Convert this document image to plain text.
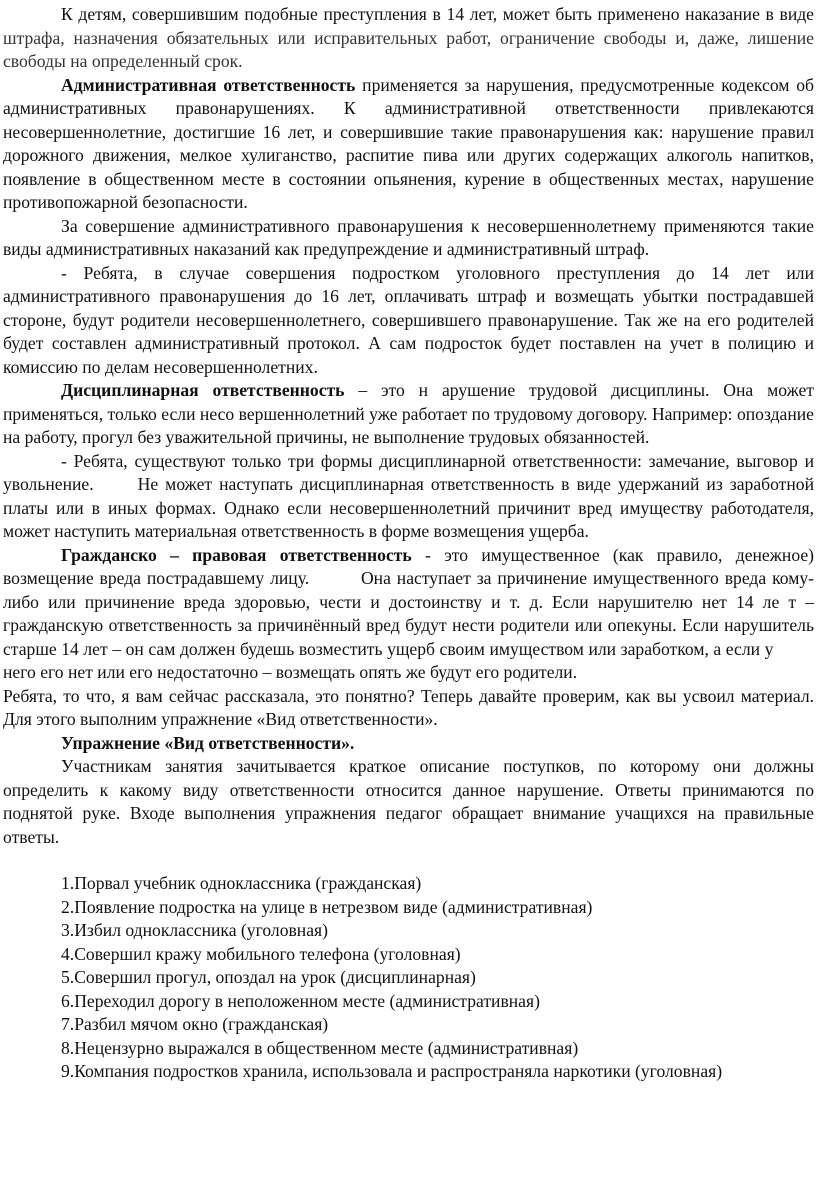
К детям, совершившим подобные преступления в 14 лет, может быть применено наказание в виде штрафа, назначения обязательных или исправительных работ, ограничение свободы и, даже, лишение свободы на определенный срок.

Административная ответственность применяется за нарушения, предусмотренные кодексом об административных правонарушениях. К административной ответственности привлекаются несовершеннолетние, достигшие 16 лет, и совершившие такие правонарушения как: нарушение правил дорожного движения, мелкое хулиганство, распитие пива или других содержащих алкоголь напитков, появление в общественном месте в состоянии опьянения, курение в общественных местах, нарушение противопожарной безопасности.

За совершение административного правонарушения к несовершеннолетнему применяются такие виды административных наказаний как предупреждение и административный штраф.

- Ребята, в случае совершения подростком уголовного преступления до 14 лет или административного правонарушения до 16 лет, оплачивать штраф и возмещать убытки пострадавшей стороне, будут родители несовершеннолетнего, совершившего правонарушение. Так же на его родителей будет составлен административный протокол. А сам подросток будет поставлен на учет в полицию и комиссию по делам несовершеннолетних.

Дисциплинарная ответственность – это н арушение трудовой дисциплины. Она может применяться, только если несо вершеннолетний уже работает по трудовому договору. Например: опоздание на работу, прогул без уважительной причины, не выполнение трудовых обязанностей.

- Ребята, существуют только три формы дисциплинарной ответственности: замечание, выговор и увольнение.	Не может наступать дисциплинарная ответственность в виде удержаний из заработной платы или в иных формах. Однако если несовершеннолетний причинит вред имуществу работодателя, может наступить материальная ответственность в форме возмещения ущерба.

Гражданско – правовая ответственность - это имущественное (как правило, денежное) возмещение вреда пострадавшему лицу.	Она наступает за причинение имущественного вреда кому-либо или причинение вреда здоровью, чести и достоинству и т. д. Если нарушителю нет 14 ле т – гражданскую ответственность за причинённый вред будут нести родители или опекуны. Если нарушитель старше 14 лет – он сам должен будешь возместить ущерб своим имуществом или заработком, а если у  него его нет или его недостаточно – возмещать опять же будут его родители.

Ребята, то что, я вам сейчас рассказала, это понятно? Теперь давайте проверим, как вы усвоил материал. Для этого выполним упражнение «Вид ответственности».

Упражнение «Вид ответственности».

Участникам занятия зачитывается краткое описание поступков, по которому они должны определить к какому виду ответственности относится данное нарушение. Ответы принимаются по поднятой руке. Входе выполнения упражнения педагог обращает внимание учащихся на правильные ответы.

1.Порвал учебник одноклассника (гражданская)

2.Появление подростка на улице в нетрезвом виде (административная)

3.Избил одноклассника (уголовная)

4.Совершил кражу мобильного телефона (уголовная)

5.Совершил прогул, опоздал на урок (дисциплинарная)

6.Переходил дорогу в неположенном месте (административная)

7.Разбил мячом окно (гражданская)

8.Нецензурно выражался в общественном месте (административная)

9.Компания подростков хранила, использовала и распространяла наркотики (уголовная)
